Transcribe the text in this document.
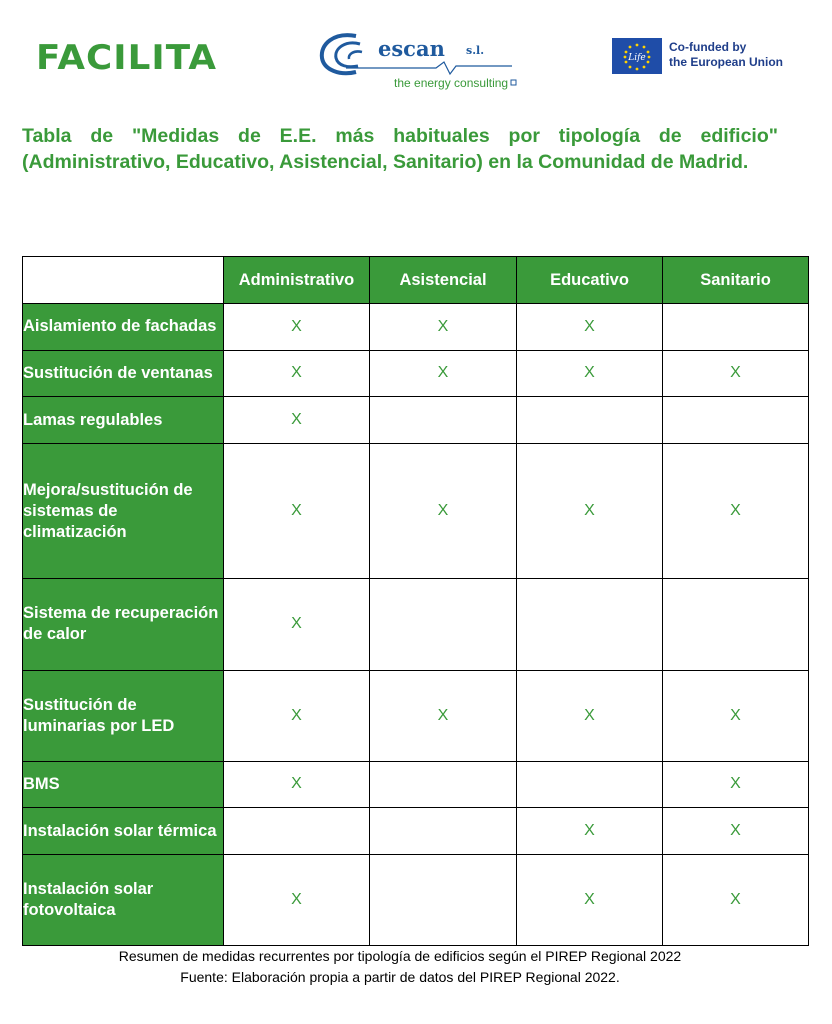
FACILITA	escan s.l.
the energy consulting
Life
Co-funded by
the European Union
Tabla de "Medidas de E.E. más habituales por tipología de edificio" (Administrativo, Educativo, Asistencial, Sanitario) en la Comunidad de Madrid.
	Administrativo	Asistencial	Educativo	Sanitario
Aislamiento de fachadas	X	X	X	
Sustitución de ventanas	X	X	X	X
Lamas regulables	X			
Mejora/sustitución de sistemas de climatización	X	X	X	X
Sistema de recuperación de calor	X			
Sustitución de luminarias por LED	X	X	X	X
BMS	X			X
Instalación solar térmica			X	X
Instalación solar fotovoltaica	X		X	X
Resumen de medidas recurrentes por tipología de edificios según el PIREP Regional 2022
Fuente: Elaboración propia a partir de datos del PIREP Regional 2022.
